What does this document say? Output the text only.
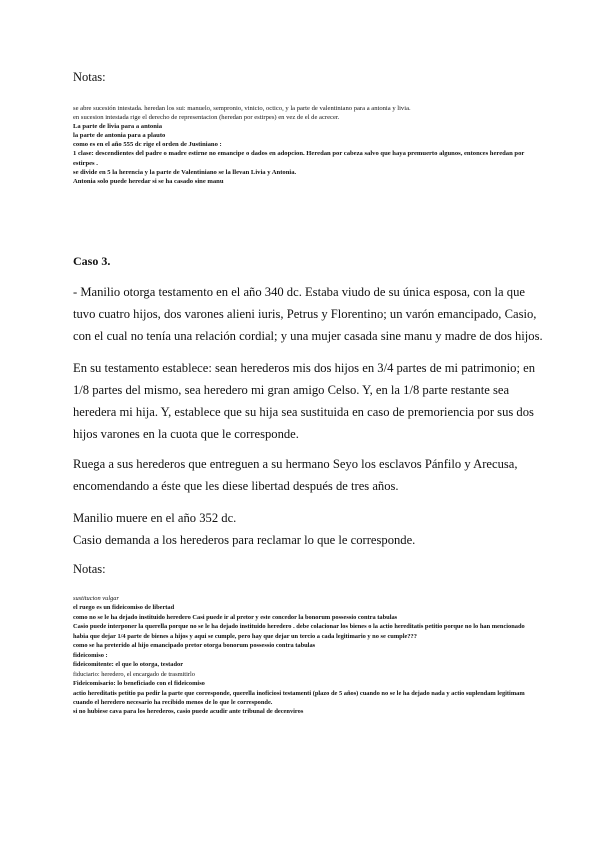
Notas:
se abre sucesión intestada. heredan los sui: manuelo, sempronio, vinicio, octico, y la parte de valentiniano para a antonia y livia.
en sucesion intestada rige el derecho de representacion (heredan por estirpes) en vez de el de acrecer.
La parte de livia para a antonia
la parte de antonia para a plauto
como es en el año 555 dc rige el orden de Justiniano :
1 clase: descendientes del padre o madre estirne no emancipe o dados en adopcion. Heredan por cabeza salvo que haya premuerto algunos, entonces heredan por estirpes .
se divide en 5 la herencia y la parte de Valentiniano se la llevan Livia y Antonia.
Antonia solo puede heredar si se ha casado sine manu
Caso 3.
- Manilio otorga testamento en el año 340 dc. Estaba viudo de su única esposa, con la que
tuvo cuatro hijos, dos varones alieni iuris, Petrus y Florentino; un varón emancipado, Casio,
con el cual no tenía una relación cordial; y una mujer casada sine manu y madre de dos hijos.
En su testamento establece: sean herederos mis dos hijos en 3/4 partes de mi patrimonio; en
1/8 partes del mismo, sea heredero mi gran amigo Celso. Y, en la 1/8 parte restante sea
heredera mi hija. Y, establece que su hija sea sustituida en caso de premoriencia por sus dos
hijos varones en la cuota que le corresponde.
Ruega a sus herederos que entreguen a su hermano Seyo los esclavos Pánfilo y Arecusa,
encomendando a éste que les diese libertad después de tres años.
Manilio muere en el año 352 dc.
Casio demanda a los herederos para reclamar lo que le corresponde.
Notas:
sustitucion vulgar
el ruego es un fideicomiso de libertad
como no se le ha dejado instituido heredero Casi puede ir al pretor y este concedor la bonorum possessio contra tabulas
Casio puede interponer la querella porque no se le ha dejado instituido heredero . debe colacionar los bienes o la actio hereditatis petitio porque no lo han mencionado
habia que dejar 1/4 parte de bienes a hijos y aqui se cumple, pero hay que dejar un tercio a cada legitimario y no se cumple???
como se ha preterido al hijo emancipado pretor otorga bonorum possessio contra tabulas
fideicomiso :
fideicomitente: el que lo otorga, testador
fiduciario: heredero, el encargado de trasmitirlo
Fideicomisario: lo beneficiado con el fideicomiso
actio hereditatis petitio pa pedir la parte que corresponde, querella inoficiosi testamenti (plazo de 5 años) cuando no se le ha dejado nada y actio suplendam legitimam cuando el heredero necesario ha recibido menos de lo que le corresponde.
si no hubiese cava para los herederos, casio puede acudir ante tribunal de decenviros
